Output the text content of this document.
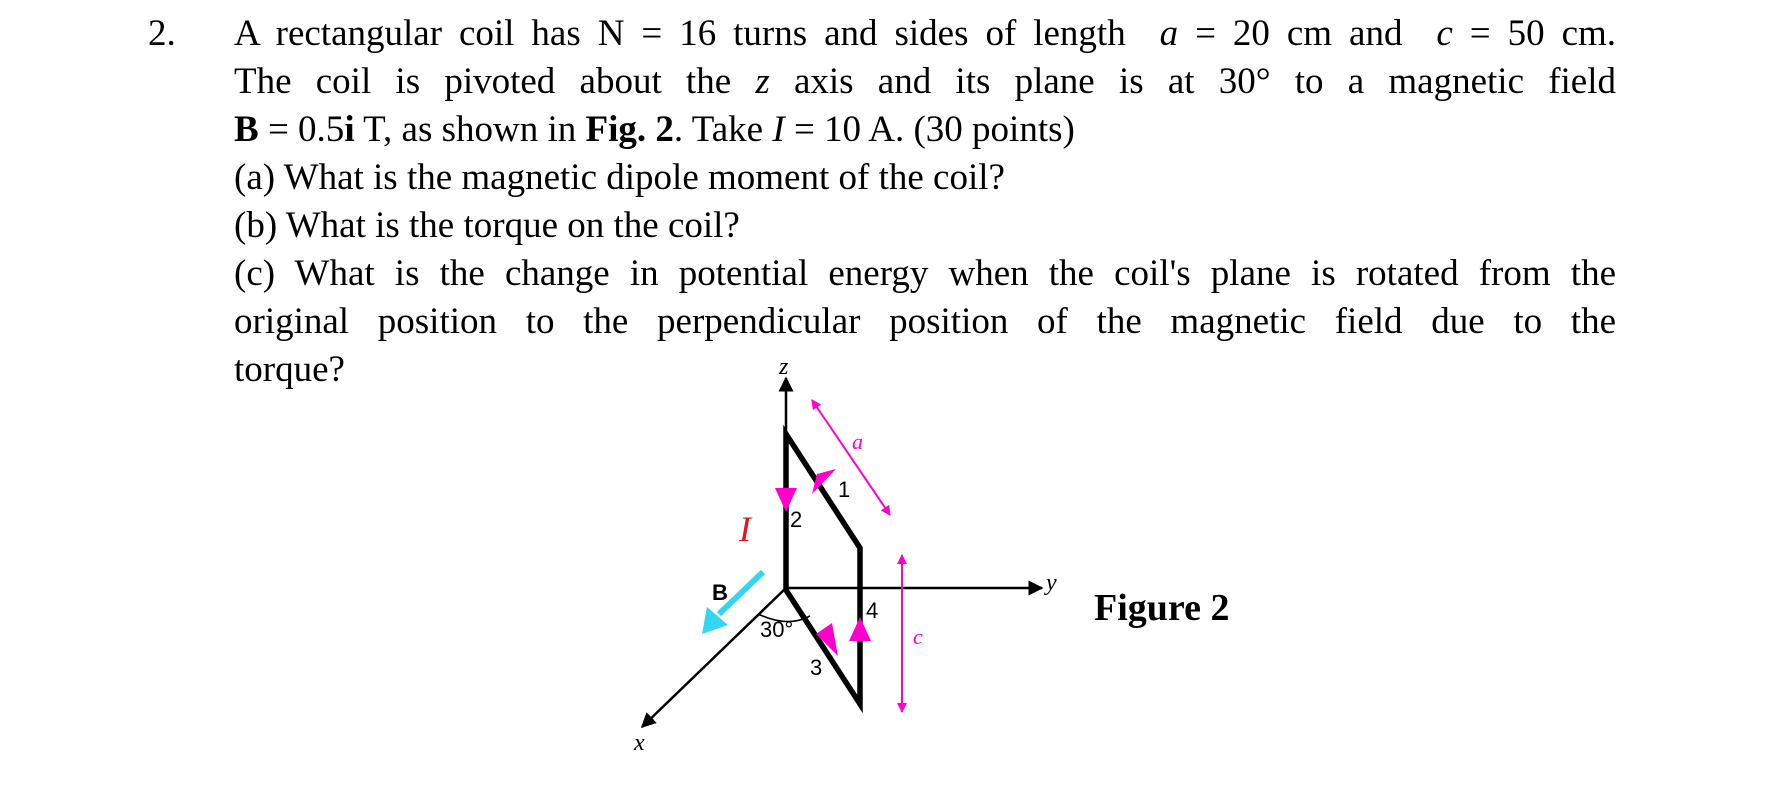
2. A rectangular coil has N = 16 turns and sides of length a = 20 cm and c = 50 cm.
The coil is pivoted about the z axis and its plane is at 30° to a magnetic field
B = 0.5i T, as shown in Fig. 2. Take I = 10 A. (30 points)
(a) What is the magnetic dipole moment of the coil?
(b) What is the torque on the coil?
(c) What is the change in potential energy when the coil's plane is rotated from the
original position to the perpendicular position of the magnetic field due to the
torque?	z
y
x
30°
1
2
3
4
a
c
B
I
Figure 2
